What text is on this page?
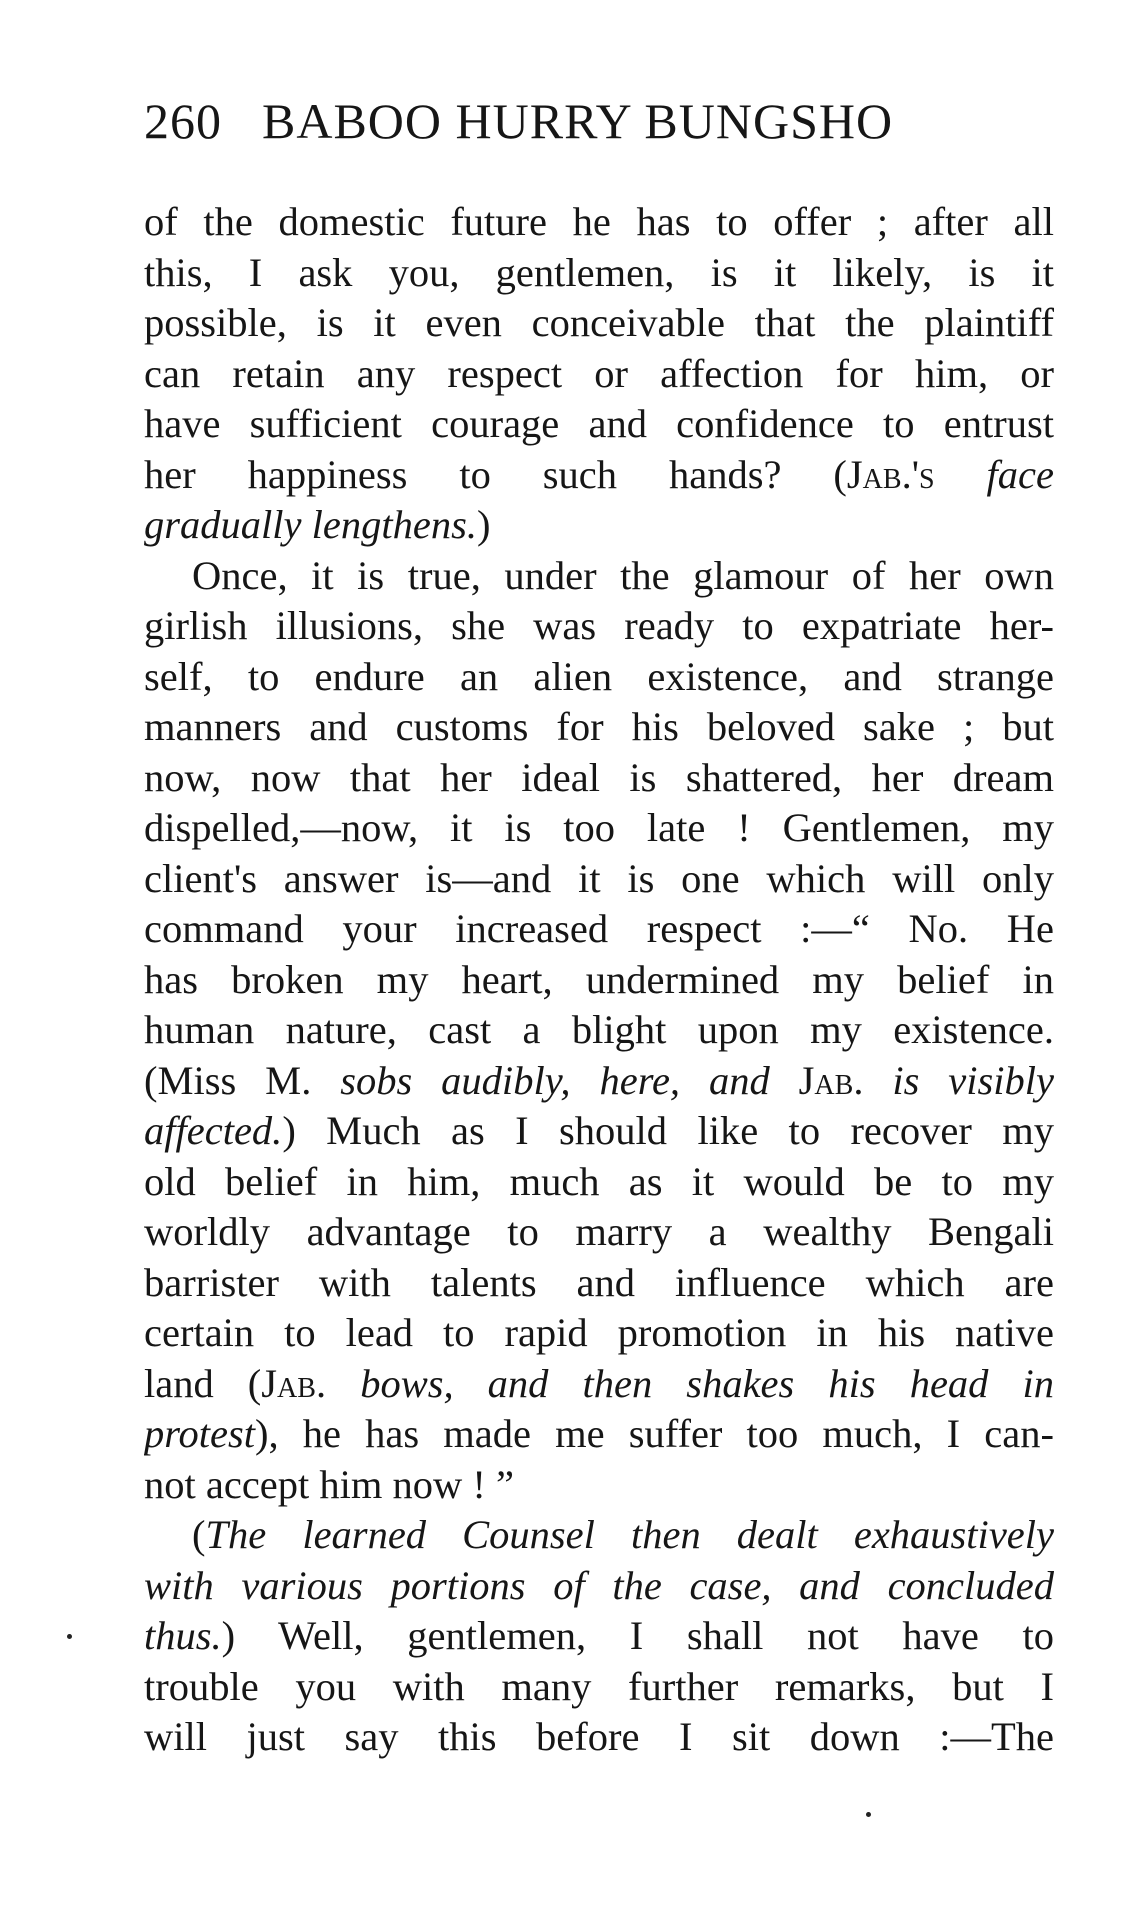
260 BABOO HURRY BUNGSHO
of the domestic future he has to offer ; after all
this, I ask you, gentlemen, is it likely, is it
possible, is it even conceivable that the plaintiff
can retain any respect or affection for him, or
have sufficient courage and confidence to entrust
her happiness to such hands? (Jab.'s face
gradually lengthens.)
Once, it is true, under the glamour of her own
girlish illusions, she was ready to expatriate her-
self, to endure an alien existence, and strange
manners and customs for his beloved sake ; but
now, now that her ideal is shattered, her dream
dispelled,—now, it is too late ! Gentlemen, my
client's answer is—and it is one which will only
command your increased respect :—“ No. He
has broken my heart, undermined my belief in
human nature, cast a blight upon my existence.
(Miss M. sobs audibly, here, and Jab. is visibly
affected.) Much as I should like to recover my
old belief in him, much as it would be to my
worldly advantage to marry a wealthy Bengali
barrister with talents and influence which are
certain to lead to rapid promotion in his native
land (Jab. bows, and then shakes his head in
protest), he has made me suffer too much, I can-
not accept him now ! ”
(The learned Counsel then dealt exhaustively
with various portions of the case, and concluded
thus.) Well, gentlemen, I shall not have to
trouble you with many further remarks, but I
will just say this before I sit down :—The
